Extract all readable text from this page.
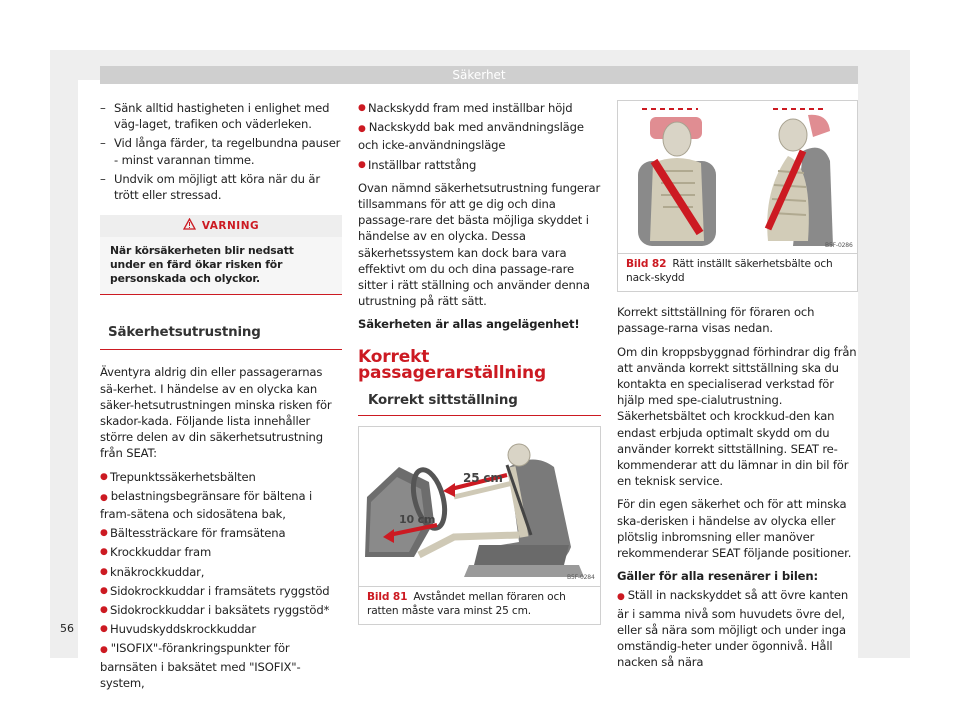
Säkerhet
– Sänk alltid hastigheten i enlighet med väg-laget, trafiken och väderleken.
– Vid långa färder, ta regelbundna pauser - minst varannan timme.
– Undvik om möjligt att köra när du är trött eller stressad.
VARNING
När körsäkerheten blir nedsatt under en färd ökar risken för personskada och olyckor.
Säkerhetsutrustning

Äventyra aldrig din eller passagerarnas sä-kerhet. I händelse av en olycka kan säker-hetsutrustningen minska risken för skador-kada. Följande lista innehåller större delen av din säkerhetsutrustning från SEAT:

● Trepunktssäkerhetsbälten
● belastningsbegränsare för bältena i fram-sätena och sidosätena bak,
● Bältessträckare för framsätena
● Krockkuddar fram
● knäkrockkuddar,
● Sidokrockkuddar i framsätets ryggstöd
● Sidokrockkuddar i baksätets ryggstöd*
● Huvudskyddskrockkuddar
● "ISOFIX"-förankringspunkter för barnsäten i baksätet med "ISOFIX"-system,
● Nackskydd fram med inställbar höjd
● Nackskydd bak med användningsläge och icke-användningsläge
● Inställbar rattstång

Ovan nämnd säkerhetsutrustning fungerar tillsammans för att ge dig och dina passage-rare det bästa möjliga skyddet i händelse av en olycka. Dessa säkerhetssystem kan dock bara vara effektivt om du och dina passage-rare sitter i rätt ställning och använder denna utrustning på rätt sätt.

Säkerheten är allas angelägenhet!

Korrekt passagerarställning
Korrekt sittställning
25 cm
10 cm
B5F-0284
Bild 81 Avståndet mellan föraren och ratten måste vara minst 25 cm.
B5F-0286
Bild 82 Rätt inställt säkerhetsbälte och nack-skydd

Korrekt sittställning för föraren och passage-rarna visas nedan.

Om din kroppsbyggnad förhindrar dig från att använda korrekt sittställning ska du kontakta en specialiserad verkstad för hjälp med spe-cialutrustning. Säkerhetsbältet och krockkud-den kan endast erbjuda optimalt skydd om du använder korrekt sittställning. SEAT re-kommenderar att du lämnar in din bil för en teknisk service.

För din egen säkerhet och för att minska ska-derisken i händelse av olycka eller plötslig inbromsning eller manöver rekommenderar SEAT följande positioner.

Gäller för alla resenärer i bilen:

● Ställ in nackskyddet så att övre kanten är i samma nivå som huvudets övre del, eller så nära som möjligt och under inga omständig-heter under ögonnivå. Håll nacken så nära
56
